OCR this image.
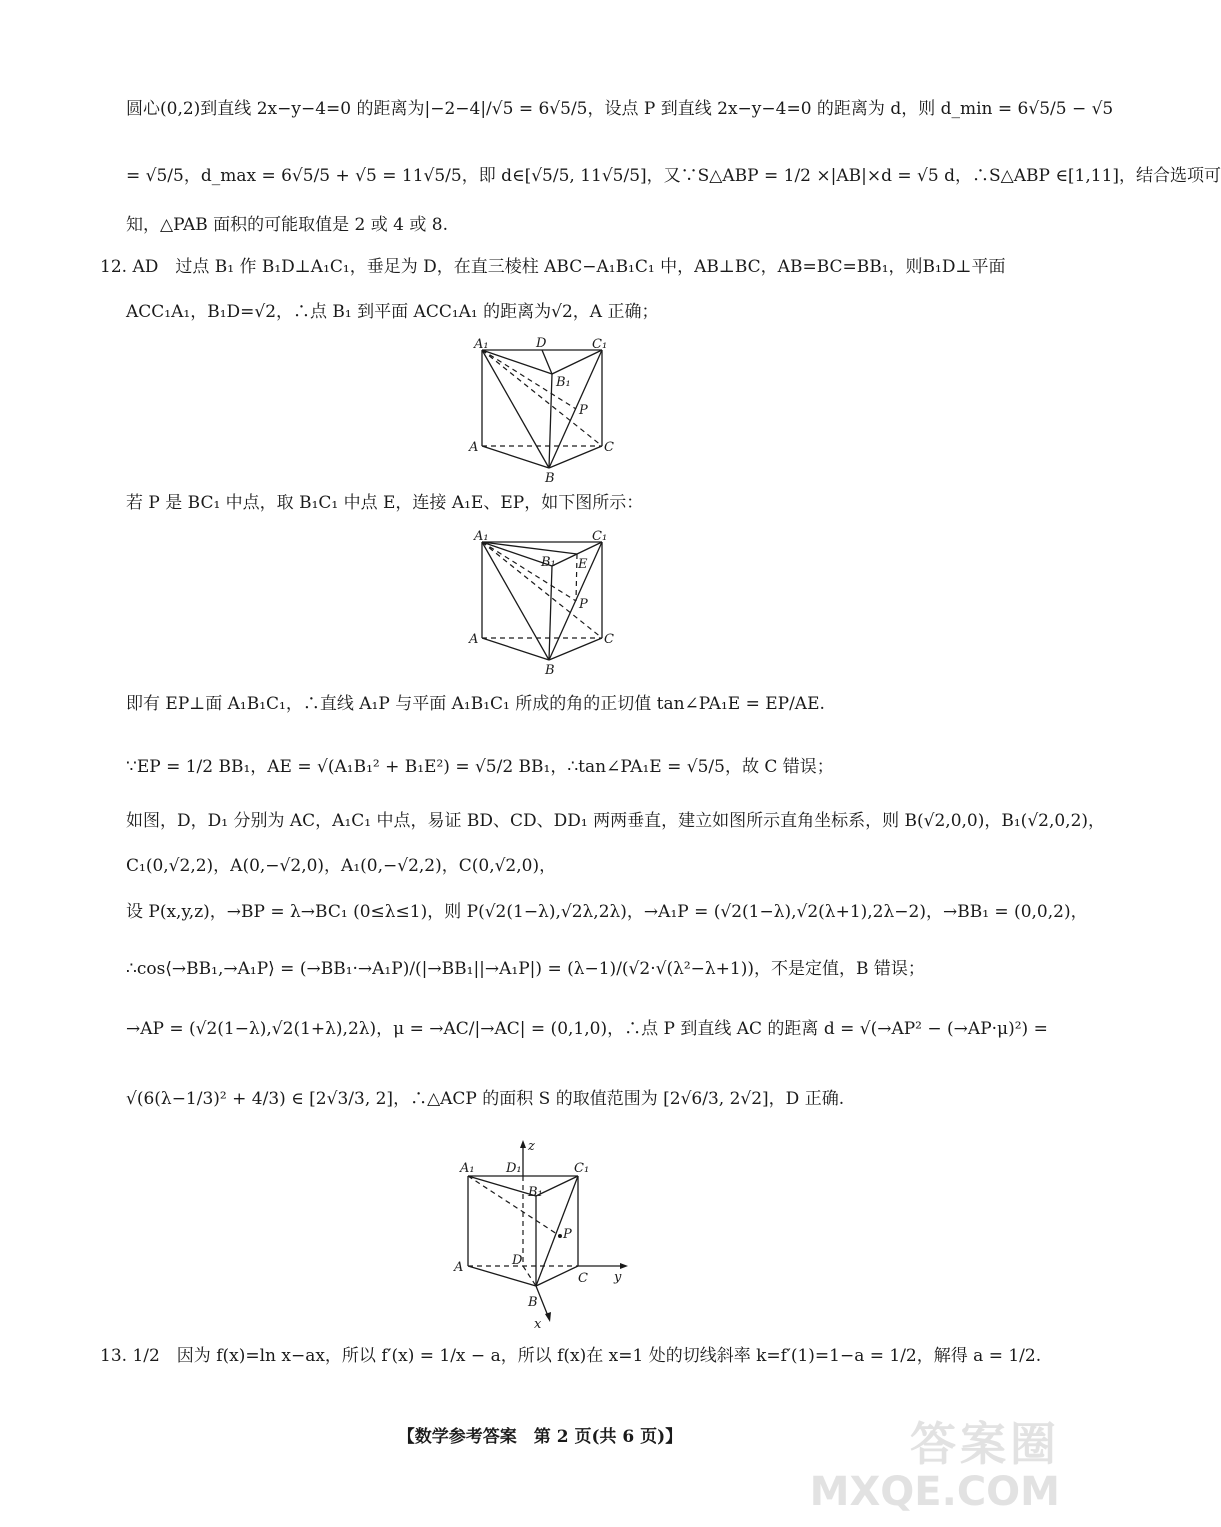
圆心(0,2)到直线 2x−y−4=0 的距离为|−2−4|/√5 = 6√5/5，设点 P 到直线 2x−y−4=0 的距离为 d，则 d_min = 6√5/5 − √5
= √5/5，d_max = 6√5/5 + √5 = 11√5/5，即 d∈[√5/5, 11√5/5]，又∵S△ABP = 1/2 ×|AB|×d = √5 d，∴S△ABP ∈[1,11]，结合选项可
知，△PAB 面积的可能取值是 2 或 4 或 8.
12. AD　过点 B₁ 作 B₁D⊥A₁C₁，垂足为 D，在直三棱柱 ABC−A₁B₁C₁ 中，AB⊥BC，AB=BC=BB₁，则B₁D⊥平面
ACC₁A₁，B₁D=√2，∴点 B₁ 到平面 ACC₁A₁ 的距离为√2，A 正确；
若 P 是 BC₁ 中点，取 B₁C₁ 中点 E，连接 A₁E、EP，如下图所示：
即有 EP⊥面 A₁B₁C₁，∴直线 A₁P 与平面 A₁B₁C₁ 所成的角的正切值 tan∠PA₁E = EP/AE.
∵EP = 1/2 BB₁，AE = √(A₁B₁² + B₁E²) = √5/2 BB₁，∴tan∠PA₁E = √5/5，故 C 错误；
如图，D，D₁ 分别为 AC，A₁C₁ 中点，易证 BD、CD、DD₁ 两两垂直，建立如图所示直角坐标系，则 B(√2,0,0)，B₁(√2,0,2)，
C₁(0,√2,2)，A(0,−√2,0)，A₁(0,−√2,2)，C(0,√2,0)，
设 P(x,y,z)，→BP = λ→BC₁ (0≤λ≤1)，则 P(√2(1−λ),√2λ,2λ)，→A₁P = (√2(1−λ),√2(λ+1),2λ−2)，→BB₁ = (0,0,2)，
∴cos⟨→BB₁,→A₁P⟩ = (→BB₁·→A₁P)/(|→BB₁||→A₁P|) = (λ−1)/(√2·√(λ²−λ+1))，不是定值，B 错误；
→AP = (√2(1−λ),√2(1+λ),2λ)，μ = →AC/|→AC| = (0,1,0)，∴点 P 到直线 AC 的距离 d = √(→AP² − (→AP·μ)²) =
√(6(λ−1/3)² + 4/3) ∈ [2√3/3, 2]，∴△ACP 的面积 S 的取值范围为 [2√6/3, 2√2]，D 正确.
13. 1/2　因为 f(x)=ln x−ax，所以 f′(x) = 1/x − a，所以 f(x)在 x=1 处的切线斜率 k=f′(1)=1−a = 1/2，解得 a = 1/2.
A₁	D	C₁
B₁
P
A	C
B
A₁	C₁
B₁ E
P
A	C
B
z
A₁ D₁	C₁
B₁
P
D
A
C y
B
x
【数学参考答案　第 2 页(共 6 页)】	答案圈
MXQE.COM
